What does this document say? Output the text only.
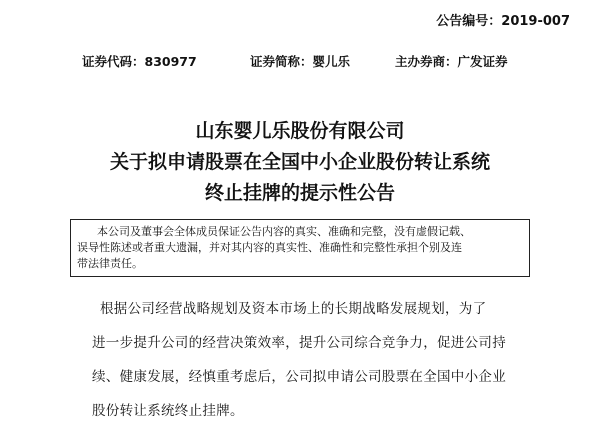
公告编号：2019-007
证券代码：830977	证券简称：婴儿乐	主办券商：广发证券
山东婴儿乐股份有限公司
关于拟申请股票在全国中小企业股份转让系统
终止挂牌的提示性公告
本公司及董事会全体成员保证公告内容的真实、准确和完整，没有虚假记载、
误导性陈述或者重大遗漏，并对其内容的真实性、准确性和完整性承担个别及连
带法律责任。
根据公司经营战略规划及资本市场上的长期战略发展规划，为了
进一步提升公司的经营决策效率，提升公司综合竞争力，促进公司持
续、健康发展，经慎重考虑后，公司拟申请公司股票在全国中小企业
股份转让系统终止挂牌。
